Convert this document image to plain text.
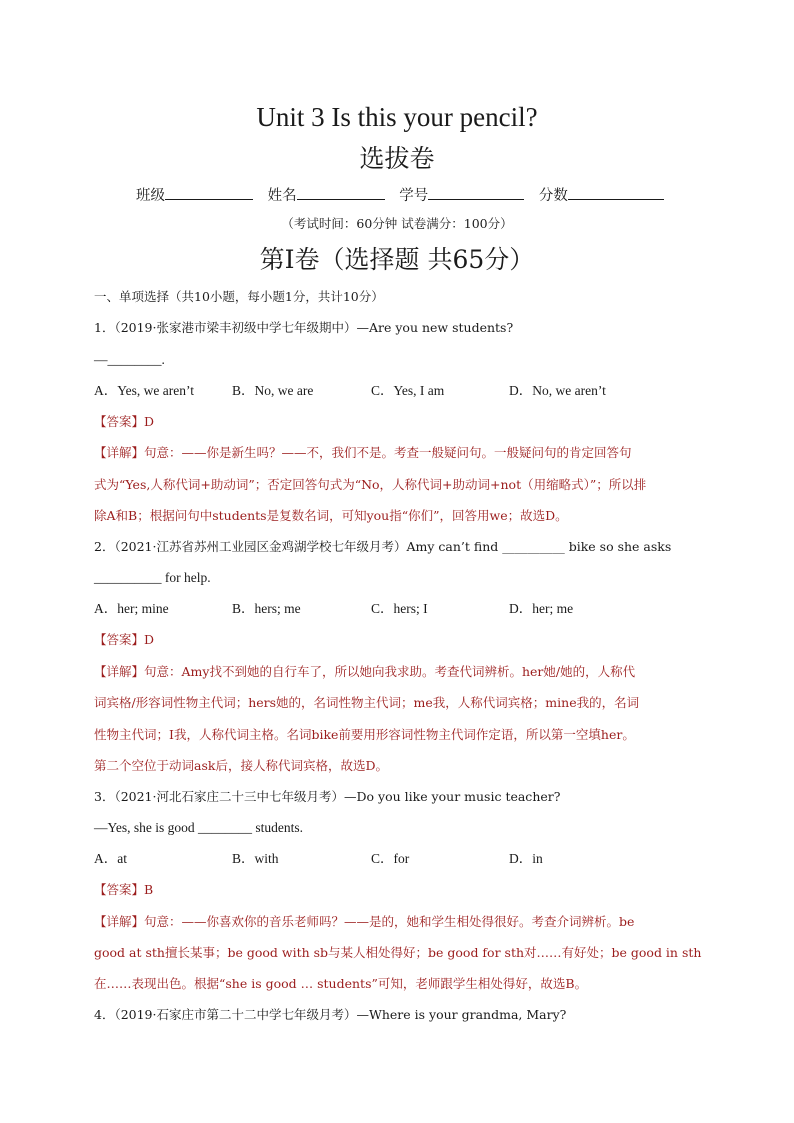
Unit 3 Is this your pencil?
选拔卷
班级	姓名	学号	分数
（考试时间：60分钟 试卷满分：100分）
第Ⅰ卷（选择题 共65分）
一、单项选择（共10小题，每小题1分，共计10分）
1．（2019·张家港市梁丰初级中学七年级期中）—Are you new students?
—________.
A．Yes, we aren’t	B．No, we are	C．Yes, I am	D．No, we aren’t
【答案】D
【详解】句意：——你是新生吗？——不，我们不是。考查一般疑问句。一般疑问句的肯定回答句
式为“Yes,人称代词+助动词”；否定回答句式为“No，人称代词+助动词+not（用缩略式）”；所以排
除A和B；根据问句中students是复数名词，可知you指“你们”，回答用we；故选D。
2．（2021·江苏省苏州工业园区金鸡湖学校七年级月考）Amy can’t find __________ bike so she asks
__________ for help.
A．her; mine	B．hers; me	C．hers; I	D．her; me
【答案】D
【详解】句意：Amy找不到她的自行车了，所以她向我求助。考查代词辨析。her她/她的，人称代
词宾格/形容词性物主代词；hers她的，名词性物主代词；me我，人称代词宾格；mine我的，名词
性物主代词；I我，人称代词主格。名词bike前要用形容词性物主代词作定语，所以第一空填her。
第二个空位于动词ask后，接人称代词宾格，故选D。
3．（2021·河北石家庄二十三中七年级月考）—Do you like your music teacher?
—Yes, she is good ________ students.
A．at	B．with	C．for	D．in
【答案】B
【详解】句意：——你喜欢你的音乐老师吗？——是的，她和学生相处得很好。考查介词辨析。be
good at sth擅长某事；be good with sb与某人相处得好；be good for sth对……有好处；be good in sth
在……表现出色。根据“she is good … students”可知，老师跟学生相处得好，故选B。
4．（2019·石家庄市第二十二中学七年级月考）—Where is your grandma, Mary?
